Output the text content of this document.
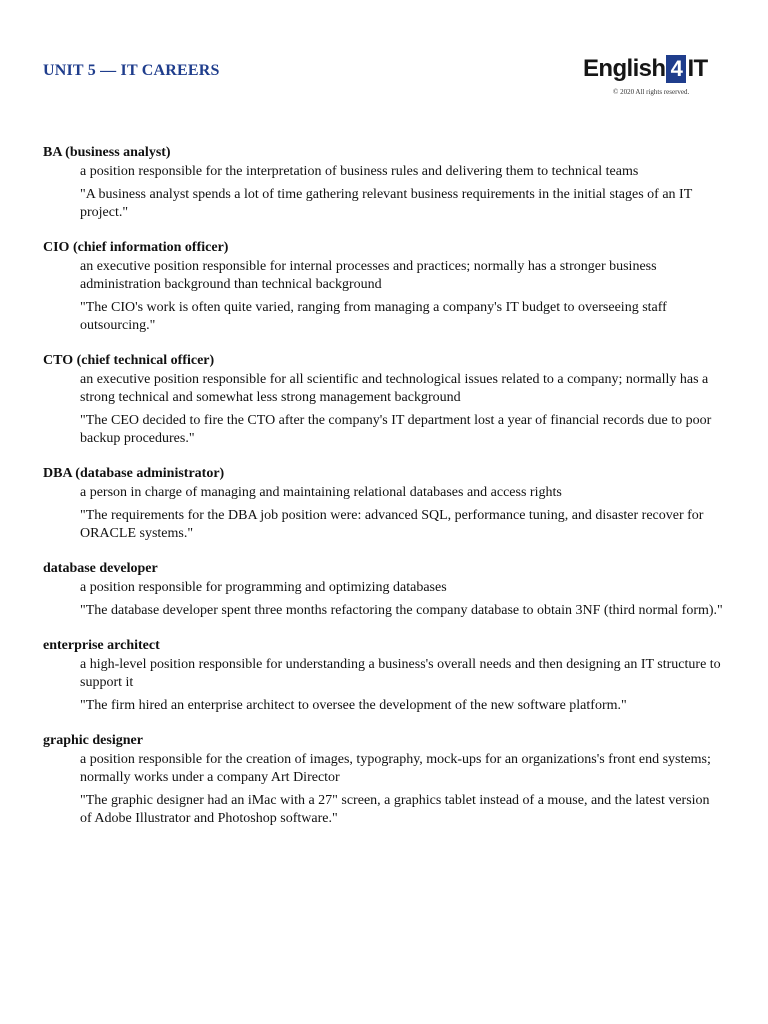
UNIT 5 — IT CAREERS	English 4 IT
© 2020 All rights reserved.
BA (business analyst)
a position responsible for the interpretation of business rules and delivering them to technical teams
"A business analyst spends a lot of time gathering relevant business requirements in the initial stages of an IT project."
CIO (chief information officer)
an executive position responsible for internal processes and practices; normally has a stronger business administration background than technical background
"The CIO's work is often quite varied, ranging from managing a company's IT budget to overseeing staff outsourcing."
CTO (chief technical officer)
an executive position responsible for all scientific and technological issues related to a company; normally has a strong technical and somewhat less strong management background
"The CEO decided to fire the CTO after the company's IT department lost a year of financial records due to poor backup procedures."
DBA (database administrator)
a person in charge of managing and maintaining relational databases and access rights
"The requirements for the DBA job position were: advanced SQL, performance tuning, and disaster recover for ORACLE systems."
database developer
a position responsible for programming and optimizing databases
"The database developer spent three months refactoring the company database to obtain 3NF (third normal form)."
enterprise architect
a high-level position responsible for understanding a business's overall needs and then designing an IT structure to support it
"The firm hired an enterprise architect to oversee the development of the new software platform."
graphic designer
a position responsible for the creation of images, typography, mock-ups for an organizations's front end systems; normally works under a company Art Director
"The graphic designer had an iMac with a 27" screen, a graphics tablet instead of a mouse, and the latest version of Adobe Illustrator and Photoshop software."
